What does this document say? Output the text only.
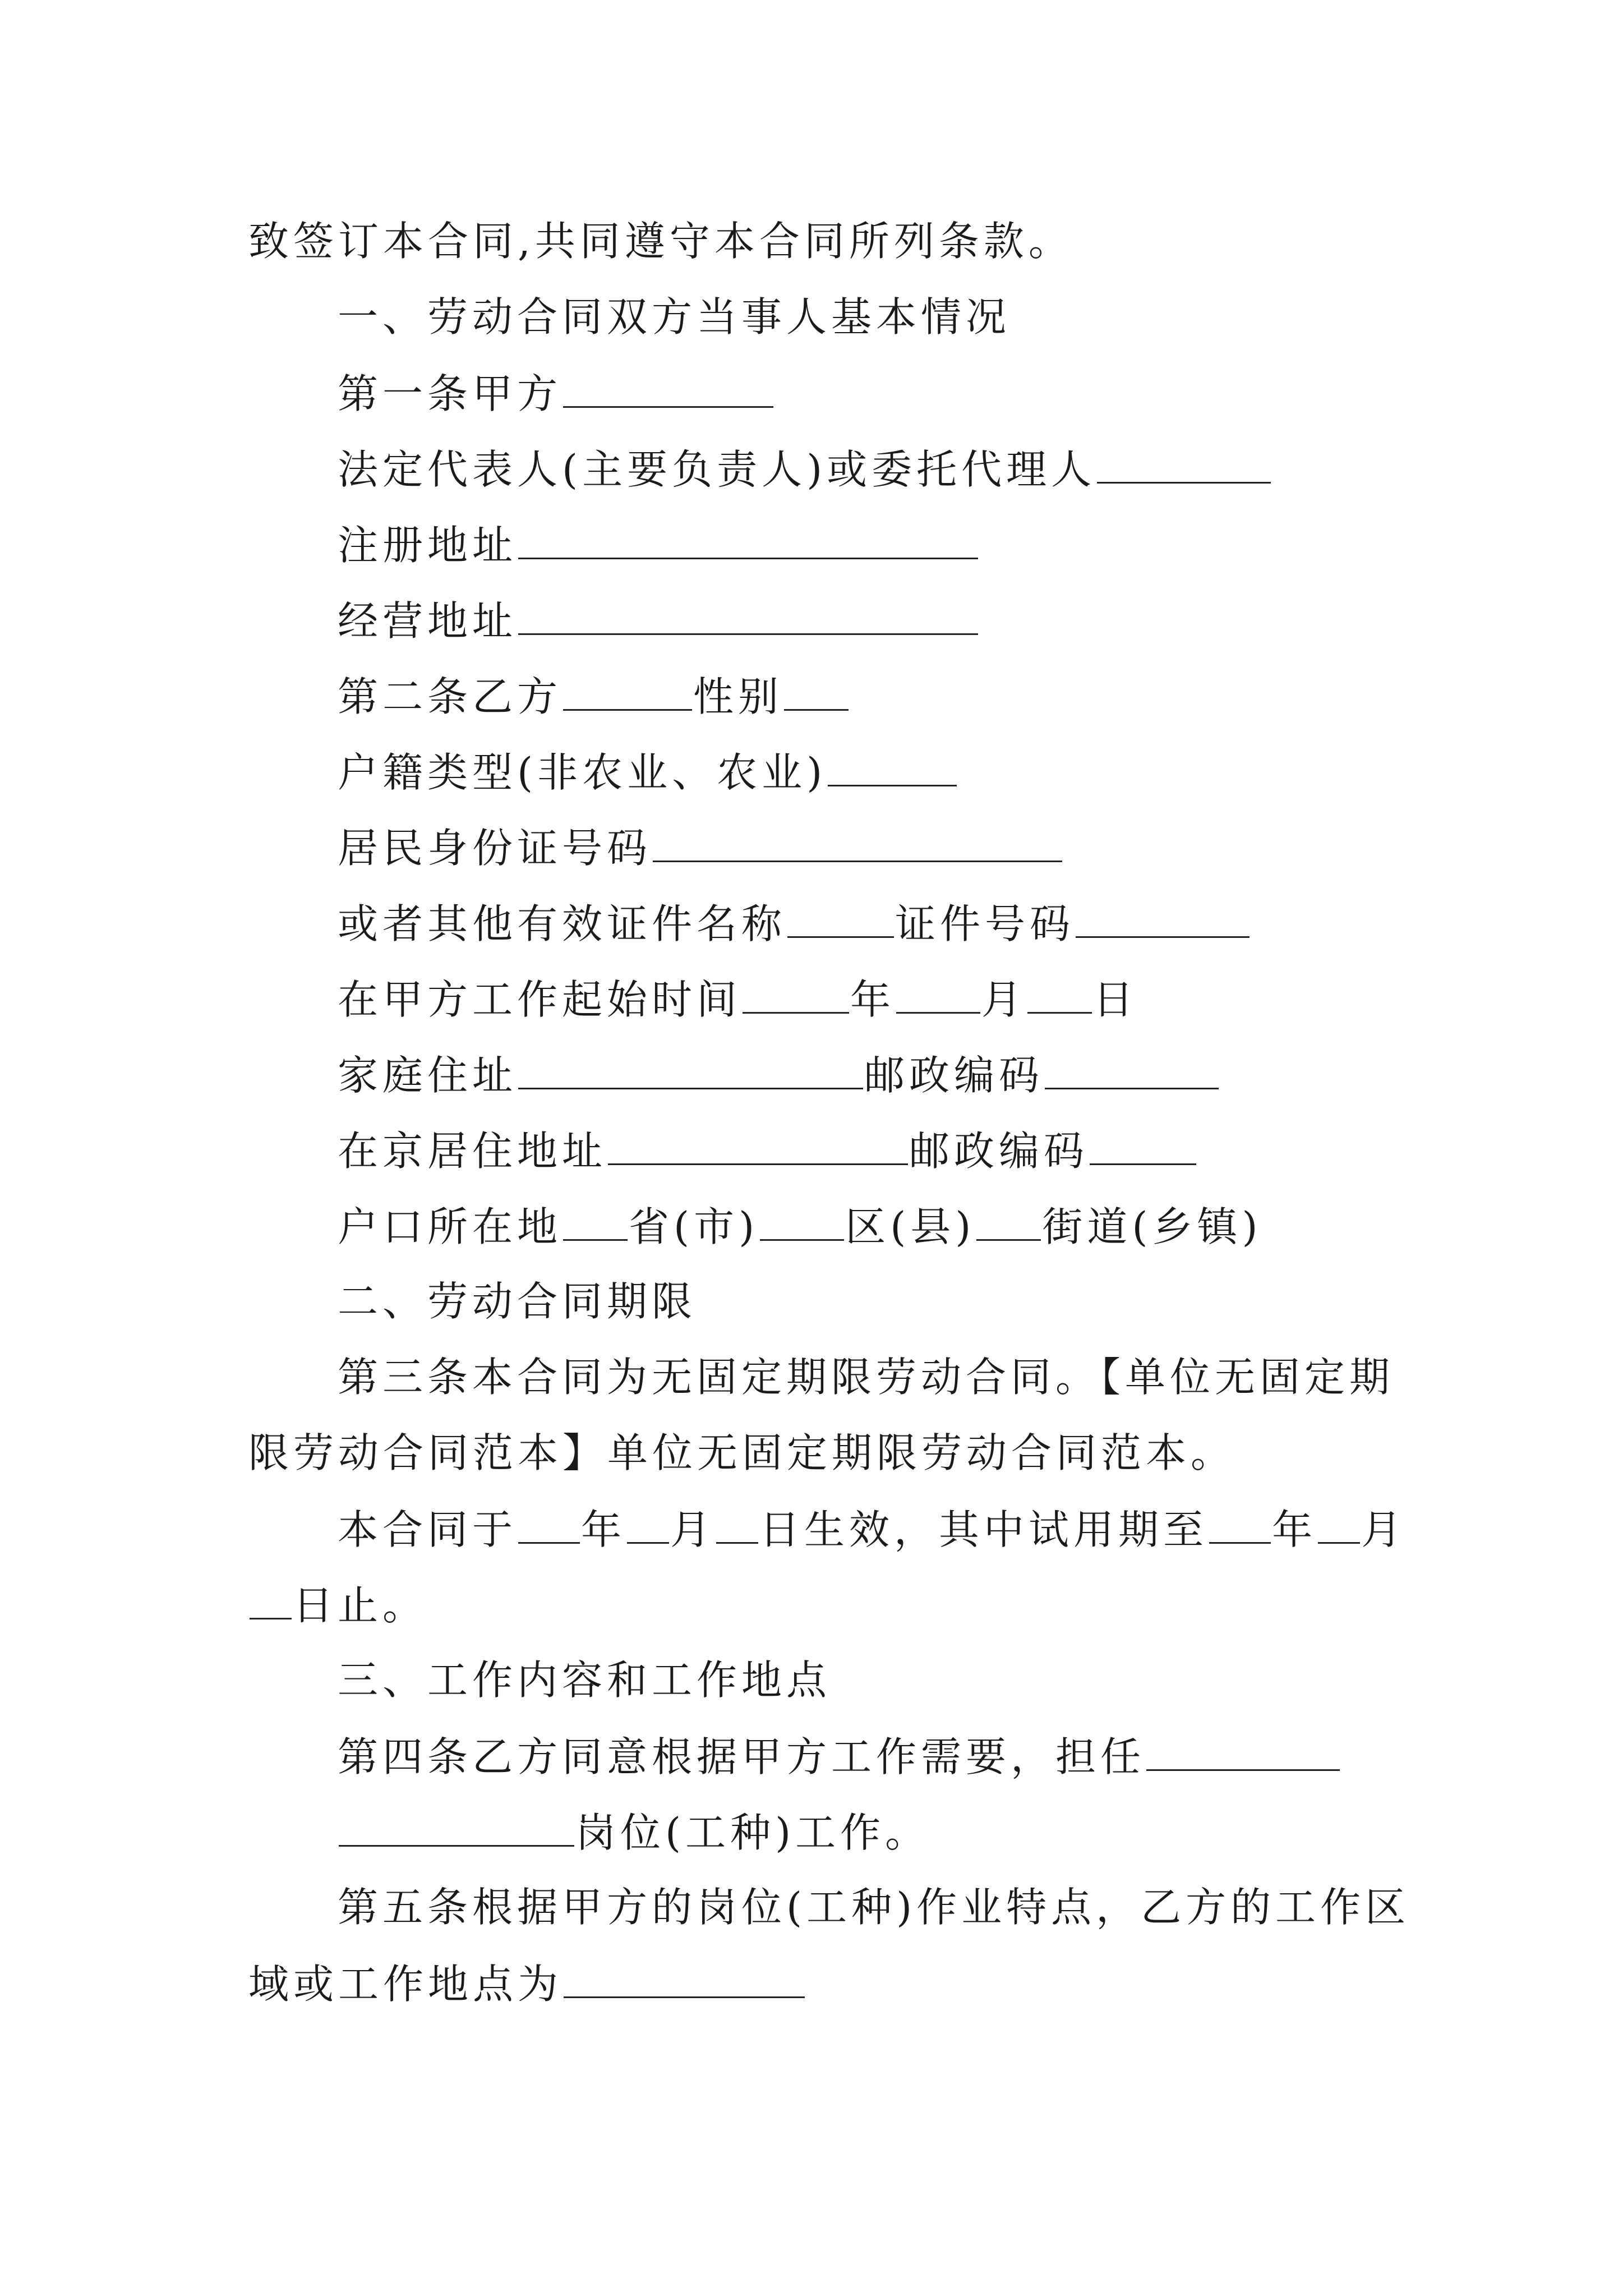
致签订本合同,共同遵守本合同所列条款。
一、劳动合同双方当事人基本情况
第一条甲方
法定代表人(主要负责人)或委托代理人
注册地址
经营地址
第二条乙方	性别
户籍类型(非农业、农业)
居民身份证号码
或者其他有效证件名称	证件号码
在甲方工作起始时间	年 月 日
家庭住址	邮政编码
在京居住地址	邮政编码
户口所在地 省(市) 区(县) 街道(乡镇)
二、劳动合同期限
第三条本合同为无固定期限劳动合同。【单位无固定期
限劳动合同范本】单位无固定期限劳动合同范本。
本合同于 年 月 日生效，其中试用期至 年 月
日止。
三、工作内容和工作地点
第四条乙方同意根据甲方工作需要，担任
岗位(工种)工作。
第五条根据甲方的岗位(工种)作业特点，乙方的工作区
域或工作地点为
